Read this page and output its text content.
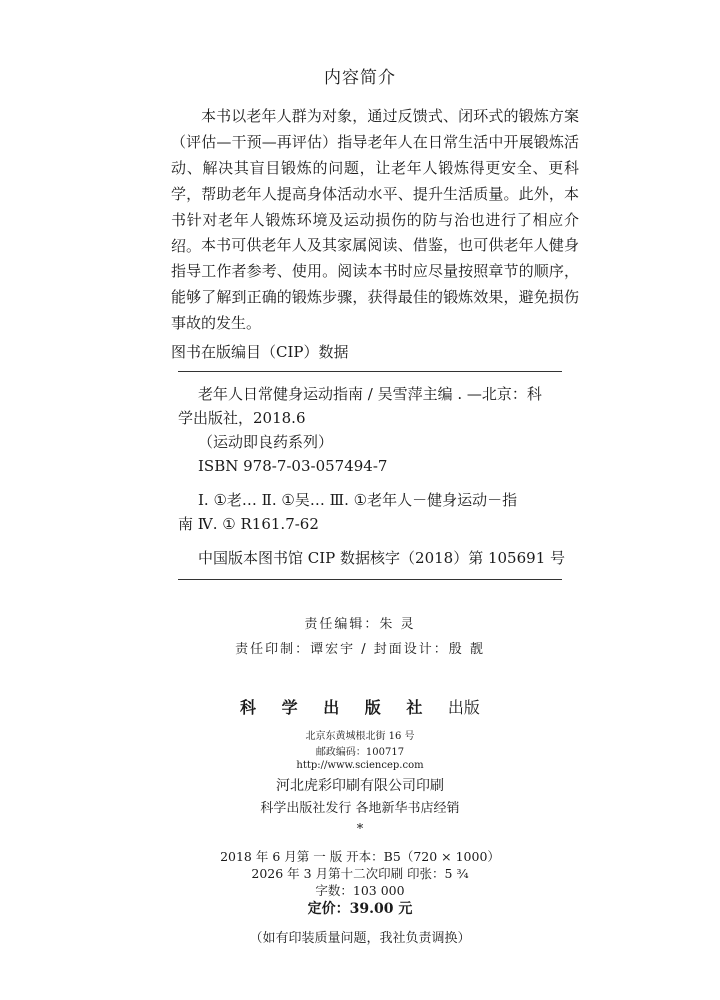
内容简介

本书以老年人群为对象，通过反馈式、闭环式的锻炼方案（评估—干预—再评估）指导老年人在日常生活中开展锻炼活动、解决其盲目锻炼的问题，让老年人锻炼得更安全、更科学，帮助老年人提高身体活动水平、提升生活质量。此外，本书针对老年人锻炼环境及运动损伤的防与治也进行了相应介绍。 本书可供老年人及其家属阅读、借鉴，也可供老年人健身指导工作者参考、使用。阅读本书时应尽量按照章节的顺序，能够了解到正确的锻炼步骤，获得最佳的锻炼效果，避免损伤事故的发生。

图书在版编目（CIP）数据
老年人日常健身运动指南 / 吴雪萍主编 . —北京：科
学出版社，2018.6
（运动即良药系列）
ISBN 978-7-03-057494-7
Ⅰ. ①老… Ⅱ. ①吴… Ⅲ. ①老年人－健身运动－指
南 Ⅳ. ① R161.7-62
中国版本图书馆 CIP 数据核字（2018）第 105691 号
责任编辑：朱 灵
责任印制：谭宏宇 / 封面设计：殷 靓
科 学 出 版 社 出版
北京东黄城根北街 16 号
邮政编码：100717
http://www.sciencep.com
河北虎彩印刷有限公司印刷
科学出版社发行 各地新华书店经销
*
2018 年 6 月第 一 版 开本：B5（720 × 1000）
2026 年 3 月第十二次印刷 印张：5 ¾
字数：103 000
定价：39.00 元
（如有印装质量问题，我社负责调换）
